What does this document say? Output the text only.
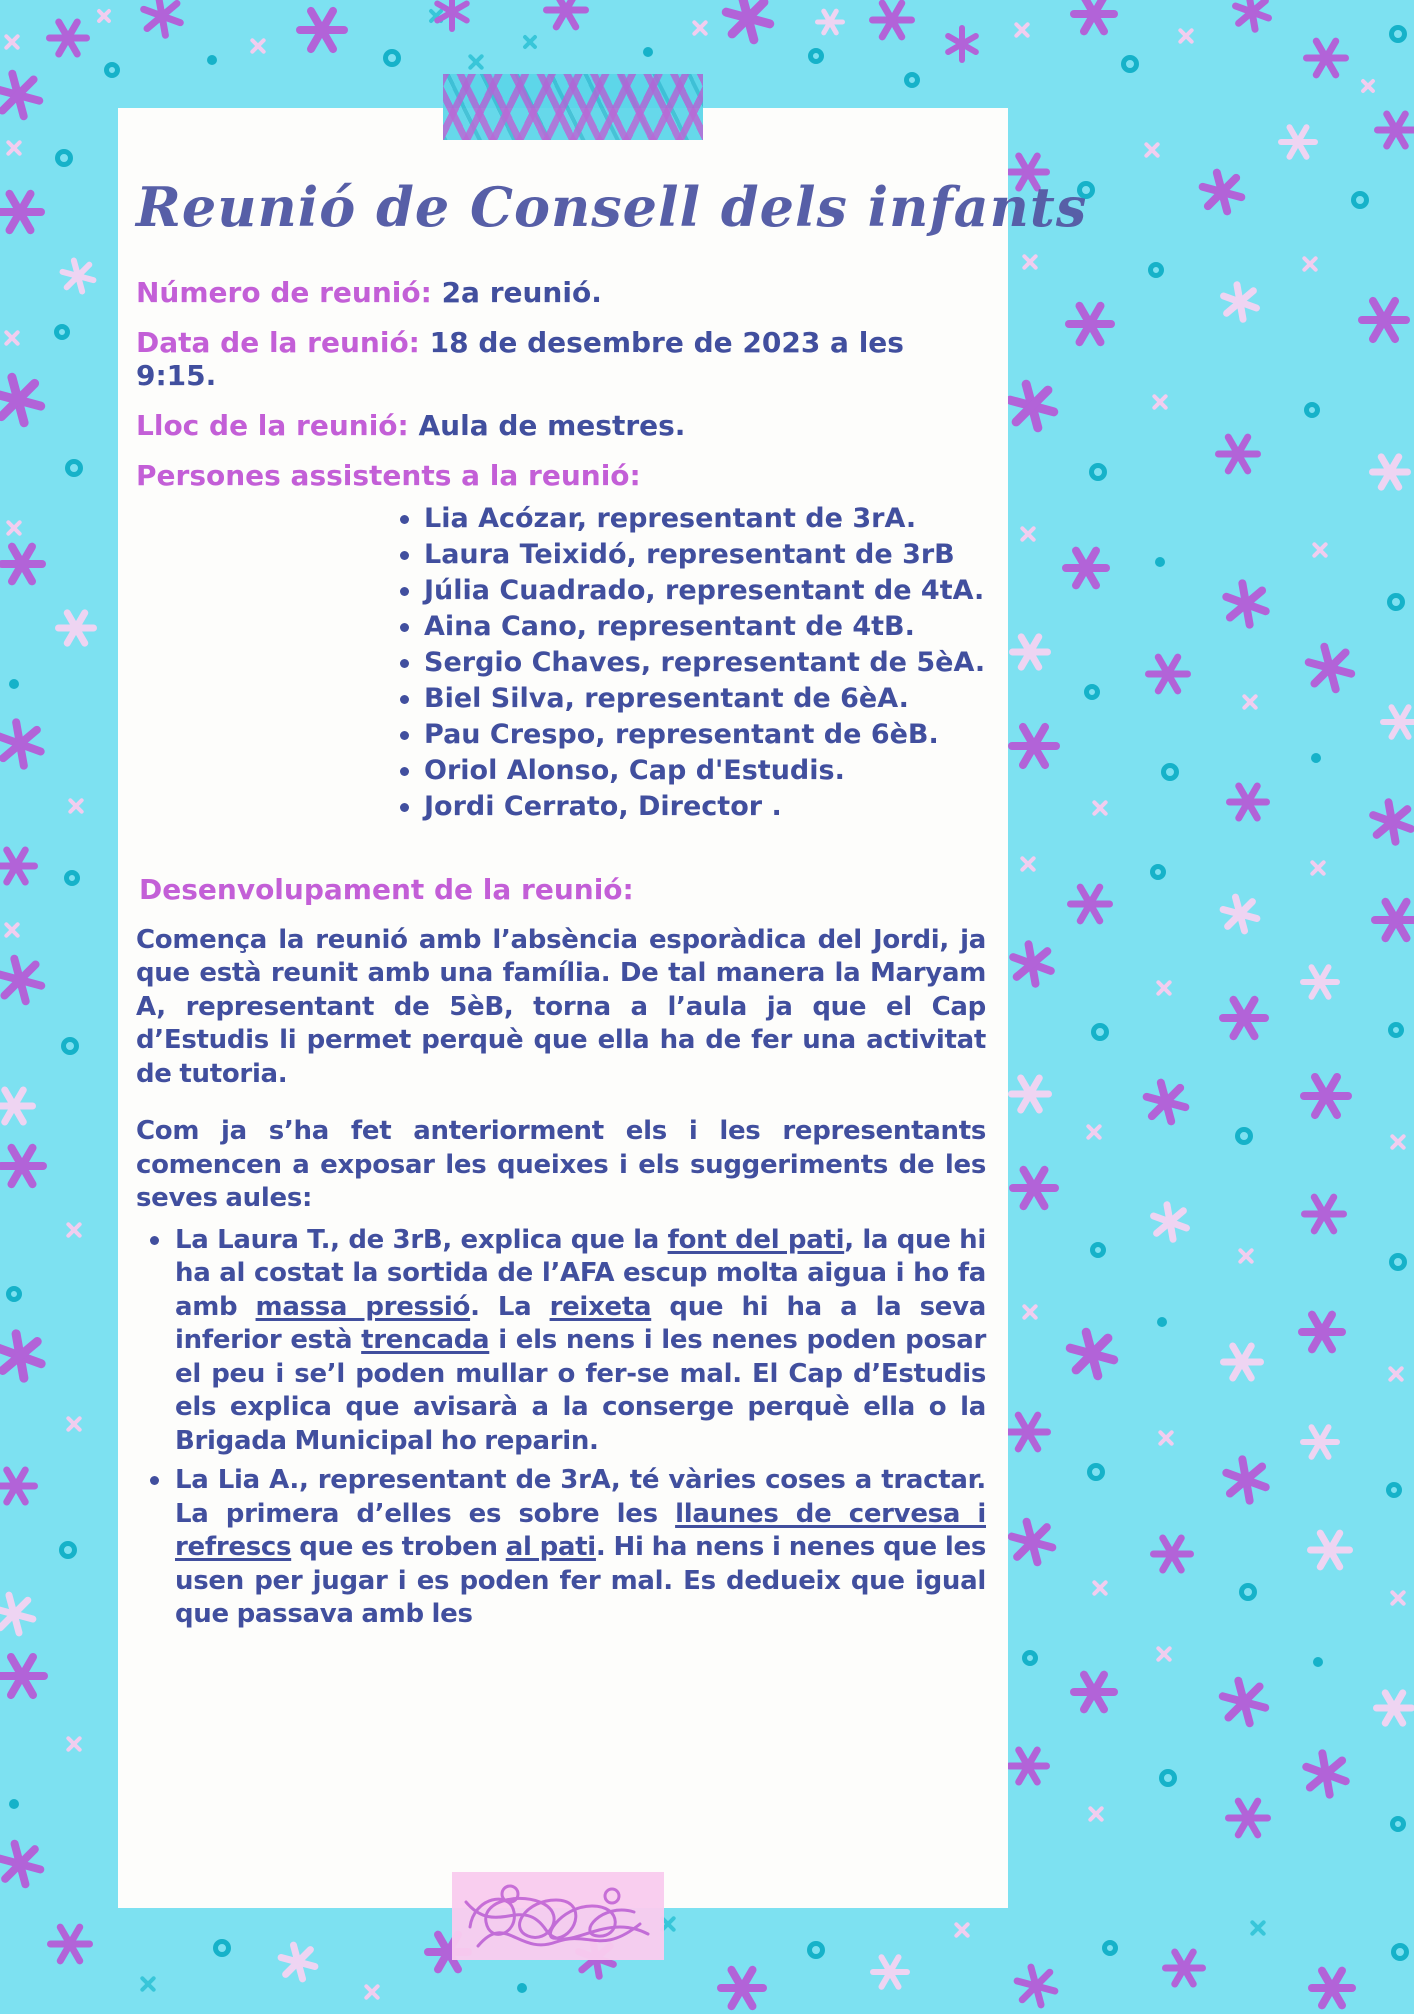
Reunió de Consell dels infants

Número de reunió: 2a reunió.

Data de la reunió: 18 de desembre de 2023 a les 9:15.

Lloc de la reunió: Aula de mestres.

Persones assistents a la reunió:

Lia Acózar, representant de 3rA.
Laura Teixidó, representant de 3rB
Júlia Cuadrado, representant de 4tA.
Aina Cano, representant de 4tB.
Sergio Chaves, representant de 5èA.
Biel Silva, representant de 6èA.
Pau Crespo, representant de 6èB.
Oriol Alonso, Cap d'Estudis.
Jordi Cerrato, Director .

Desenvolupament de la reunió:

Comença la reunió amb l’absència esporàdica del Jordi, ja que està reunit amb una família. De tal manera la Maryam A, representant de 5èB, torna a l’aula ja que el Cap d’Estudis li permet perquè que ella ha de fer una activitat de tutoria.

Com ja s’ha fet anteriorment els i les representants comencen a exposar les queixes i els suggeriments de les seves aules:

La Laura T., de 3rB, explica que la font del pati, la que hi ha al costat la sortida de l’AFA escup molta aigua i ho fa amb massa pressió. La reixeta que hi ha a la seva inferior està trencada i els nens i les nenes poden posar el peu i se’l poden mullar o fer-se mal. El Cap d’Estudis els explica que avisarà a la conserge perquè ella o la Brigada Municipal ho reparin.
La Lia A., representant de 3rA, té vàries coses a tractar. La primera d’elles es sobre les llaunes de cervesa i refrescs que es troben al pati. Hi ha nens i nenes que les usen per jugar i es poden fer mal. Es dedueix que igual que passava amb les
